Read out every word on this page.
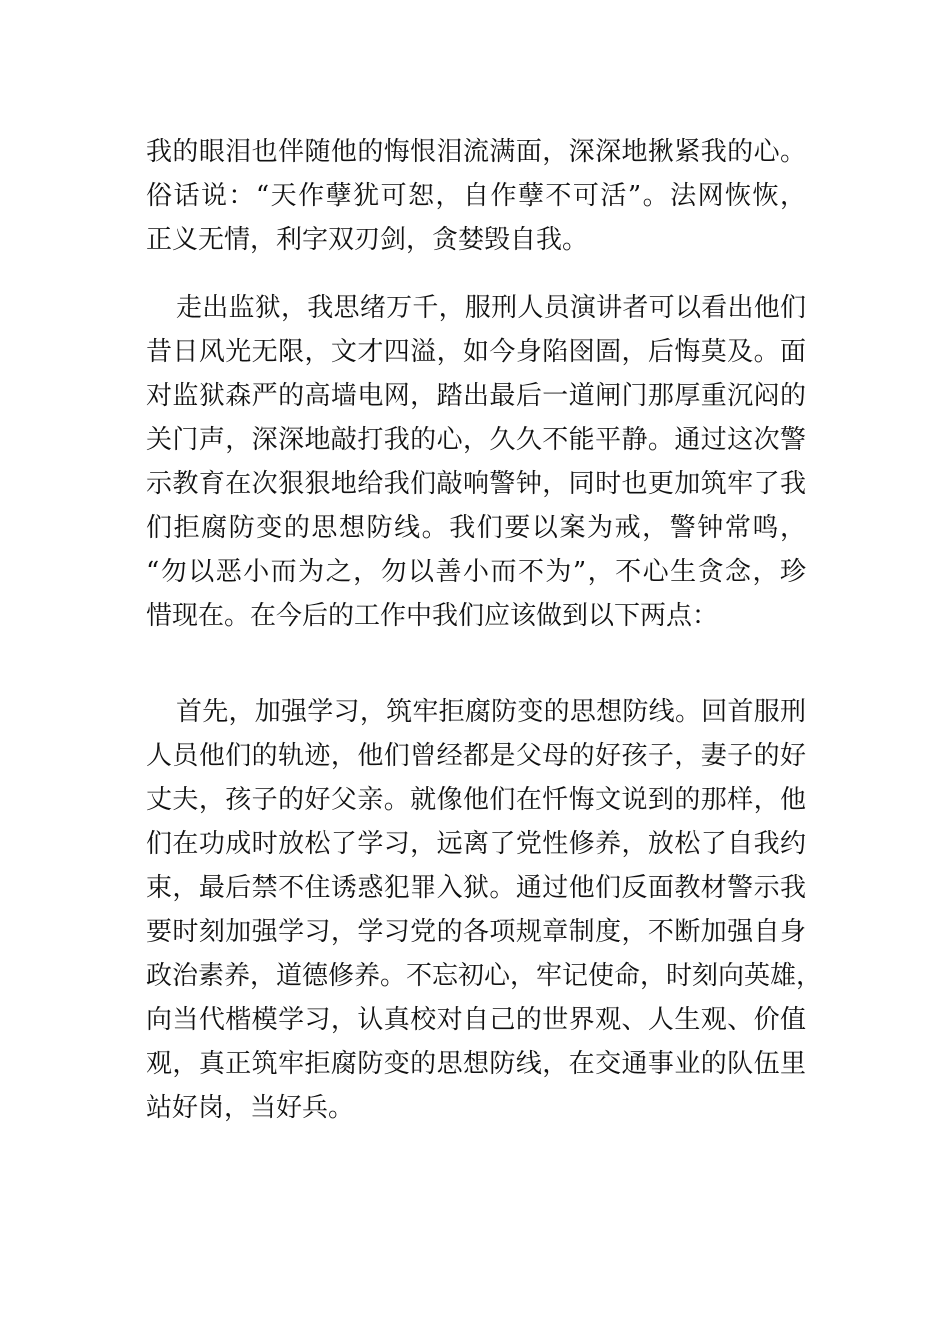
我的眼泪也伴随他的悔恨泪流满面，深深地揪紧我的心。
俗话说：“天作孽犹可恕，自作孽不可活”。法网恢恢，
正义无情，利字双刃剑，贪婪毁自我。

走出监狱，我思绪万千，服刑人员演讲者可以看出他们
昔日风光无限，文才四溢，如今身陷囹圄，后悔莫及。面
对监狱森严的高墙电网，踏出最后一道闸门那厚重沉闷的
关门声，深深地敲打我的心，久久不能平静。通过这次警
示教育在次狠狠地给我们敲响警钟，同时也更加筑牢了我
们拒腐防变的思想防线。我们要以案为戒，警钟常鸣，
“勿以恶小而为之，勿以善小而不为”，不心生贪念，珍
惜现在。在今后的工作中我们应该做到以下两点：

首先，加强学习，筑牢拒腐防变的思想防线。回首服刑
人员他们的轨迹，他们曾经都是父母的好孩子，妻子的好
丈夫，孩子的好父亲。就像他们在忏悔文说到的那样，他
们在功成时放松了学习，远离了党性修养，放松了自我约
束，最后禁不住诱惑犯罪入狱。通过他们反面教材警示我
要时刻加强学习，学习党的各项规章制度，不断加强自身
政治素养，道德修养。不忘初心，牢记使命，时刻向英雄，
向当代楷模学习，认真校对自己的世界观、人生观、价值
观，真正筑牢拒腐防变的思想防线，在交通事业的队伍里
站好岗，当好兵。
